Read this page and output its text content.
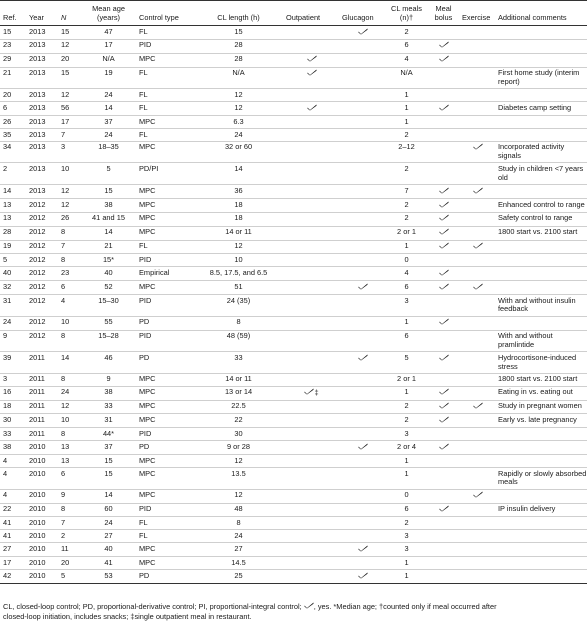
Ref.	Year	N	Mean age (years)	Control type	CL length (h)	Outpatient	Glucagon	CL meals (n)†	Meal bolus	Exercise	Additional comments
15	2013	15	47	FL	15			2			
23	2013	12	17	PID	28			6	

29	2013	20	N/A	MPC	28			4	

21	2013	15	19	FL	N/A			N/A			First home study (interim report)
20	2013	12	24	FL	12			1			
6	2013	56	14	FL	12			1			Diabetes camp setting
26	2013	17	37	MPC	6.3			1			
35	2013	7	24	FL	24			2			
34	2013	3	18–35	MPC	32 or 60			2–12			Incorporated activity signals
2	2013	10	5	PD/PI	14			2			Study in children <7 years old
14	2013	12	15	MPC	36			7	

13	2012	12	38	MPC	18			2			Enhanced control to range
13	2012	26	41 and 15	MPC	18			2			Safety control to range
28	2012	8	14	MPC	14 or 11			2 or 1			1800 start vs. 2100 start
19	2012	7	21	FL	12			1	

5	2012	8	15*	PID	10			0			
40	2012	23	40	Empirical	8.5, 17.5, and 6.5			4	

32	2012	6	52	MPC	51			6	

31	2012	4	15–30	PID	24 (35)			3			With and without insulin feedback
24	2012	10	55	PD	8			1	

9	2012	8	15–28	PID	48 (59)			6			With and without pramlintide
39	2011	14	46	PD	33			5			Hydrocortisone-induced stress
3	2011	8	9	MPC	14 or 11			2 or 1			1800 start vs. 2100 start
16	2011	24	38	MPC	13 or 14	‡		1			Eating in vs. eating out
18	2011	12	33	MPC	22.5			2			Study in pregnant women
30	2011	10	31	MPC	22			2			Early vs. late pregnancy
33	2011	8	44*	PID	30			3			
38	2010	13	37	PD	9 or 28			2 or 4	

4	2010	13	15	MPC	12			1			
4	2010	6	15	MPC	13.5			1			Rapidly or slowly absorbed meals
4	2010	9	14	MPC	12			0		

22	2010	8	60	PID	48			6			IP insulin delivery
41	2010	7	24	FL	8			2			
41	2010	2	27	FL	24			3			
27	2010	11	40	MPC	27			3			
17	2010	20	41	MPC	14.5			1			
42	2010	5	53	PD	25			1			
CL, closed-loop control; PD, proportional-derivative control; PI, proportional-integral control; , yes. *Median age; †counted only if meal occurred after closed-loop initiation, includes snacks; ‡single outpatient meal in restaurant.
